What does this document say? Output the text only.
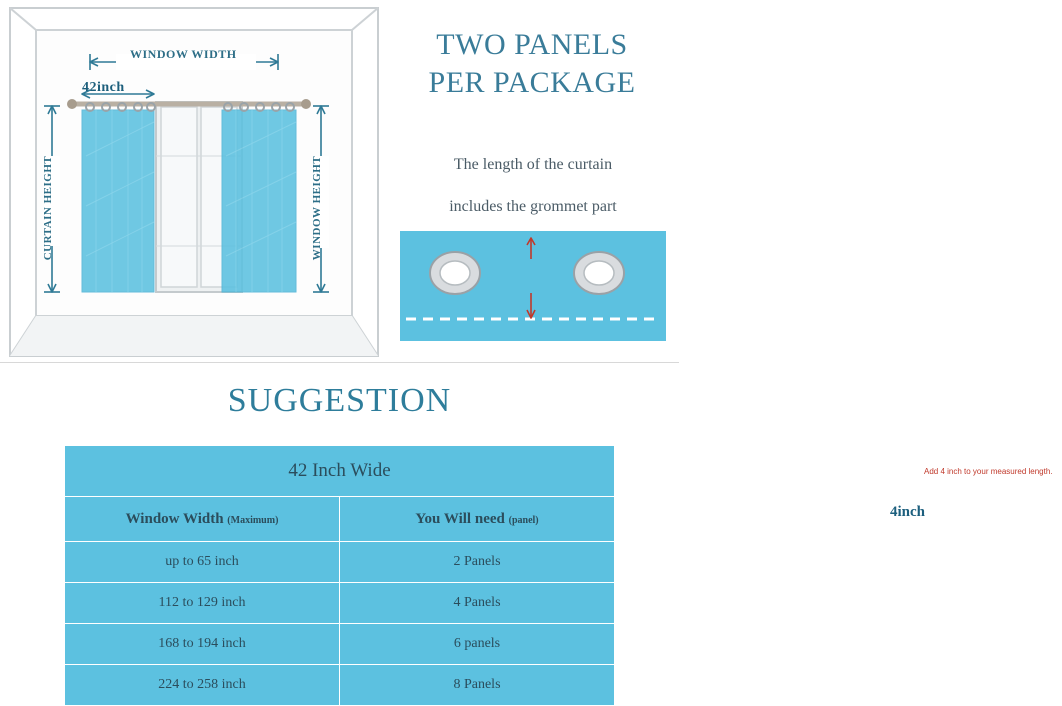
WINDOW WIDTH
42inch
CURTAIN HEIGHT	WINDOW HEIGHT
TWO PANELS
PER PACKAGE
The length of the curtain
includes the grommet part
Add 4 inch to your measured length.
4inch
SUGGESTION
42 Inch Wide	
Window Width (Maximum)	You Will need (panel)
up to 65 inch	2 Panels
112 to 129 inch	4 Panels
168 to 194 inch	6 panels
224 to 258 inch	8 Panels
